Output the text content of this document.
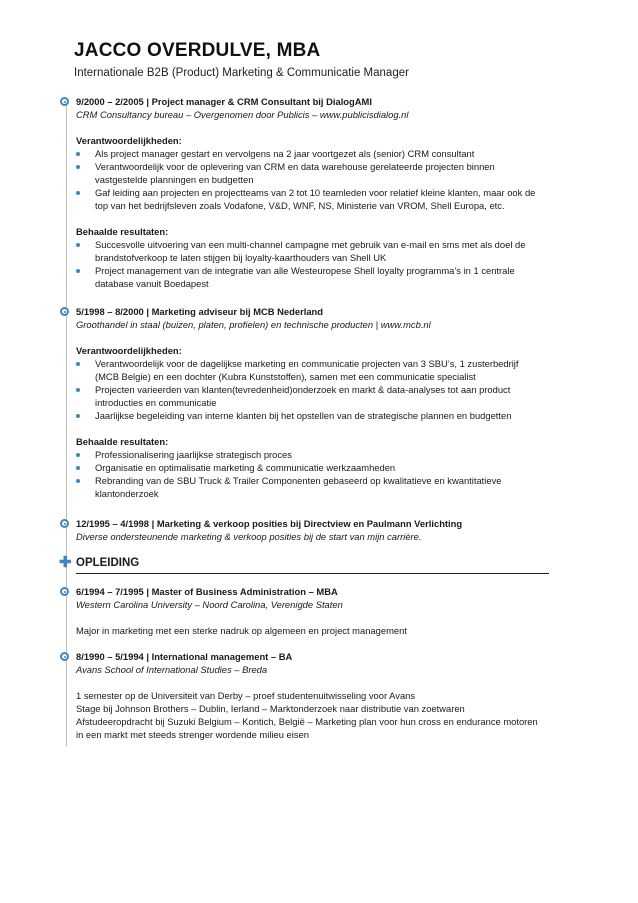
JACCO OVERDULVE, MBA
Internationale B2B (Product) Marketing & Communicatie Manager
9/2000 – 2/2005 | Project manager & CRM Consultant bij DialogAMI
CRM Consultancy bureau – Overgenomen door Publicis – www.publicisdialog.nl
Verantwoordelijkheden:
Als project manager gestart en vervolgens na 2 jaar voortgezet als (senior) CRM consultant
Verantwoordelijk voor de oplevering van CRM en data warehouse gerelateerde projecten binnen
vastgestelde planningen en budgetten
Gaf leiding aan projecten en projectteams van 2 tot 10 teamleden voor relatief kleine klanten, maar ook de
top van het bedrijfsleven zoals Vodafone, V&D, WNF, NS, Ministerie van VROM, Shell Europa, etc.
Behaalde resultaten:
Succesvolle uitvoering van een multi-channel campagne met gebruik van e-mail en sms met als doel de
brandstofverkoop te laten stijgen bij loyalty-kaarthouders van Shell UK
Project management van de integratie van alle Westeuropese Shell loyalty programma’s in 1 centrale
database vanuit Boedapest
5/1998 – 8/2000 | Marketing adviseur bij MCB Nederland
Groothandel in staal (buizen, platen, profielen) en technische producten | www.mcb.nl
Verantwoordelijkheden:
Verantwoordelijk voor de dagelijkse marketing en communicatie projecten van 3 SBU’s, 1 zusterbedrijf
(MCB Belgie) en een dochter (Kubra Kunststoffen), samen met een communicatie specialist
Projecten varieerden van klanten(tevredenheid)onderzoek en markt & data-analyses tot aan product
introducties en communicatie
Jaarlijkse begeleiding van interne klanten bij het opstellen van de strategische plannen en budgetten
Behaalde resultaten:
Professionalisering jaarlijkse strategisch proces
Organisatie en optimalisatie marketing & communicatie werkzaamheden
Rebranding van de SBU Truck & Trailer Componenten gebaseerd op kwalitatieve en kwantitatieve
klantonderzoek
12/1995 – 4/1998 | Marketing & verkoop posities bij Directview en Paulmann Verlichting
Diverse ondersteunende marketing & verkoop posities bij de start van mijn carrière.
✚ OPLEIDING
6/1994 – 7/1995 | Master of Business Administration – MBA
Western Carolina University – Noord Carolina, Verenigde Staten
Major in marketing met een sterke nadruk op algemeen en project management
8/1990 – 5/1994 | International management – BA
Avans School of International Studies – Breda
1 semester op de Universiteit van Derby – proef studentenuitwisseling voor Avans
Stage bij Johnson Brothers – Dublin, Ierland – Marktonderzoek naar distributie van zoetwaren
Afstudeeropdracht bij Suzuki Belgium – Kontich, België – Marketing plan voor hun cross en endurance motoren
in een markt met steeds strenger wordende milieu eisen
